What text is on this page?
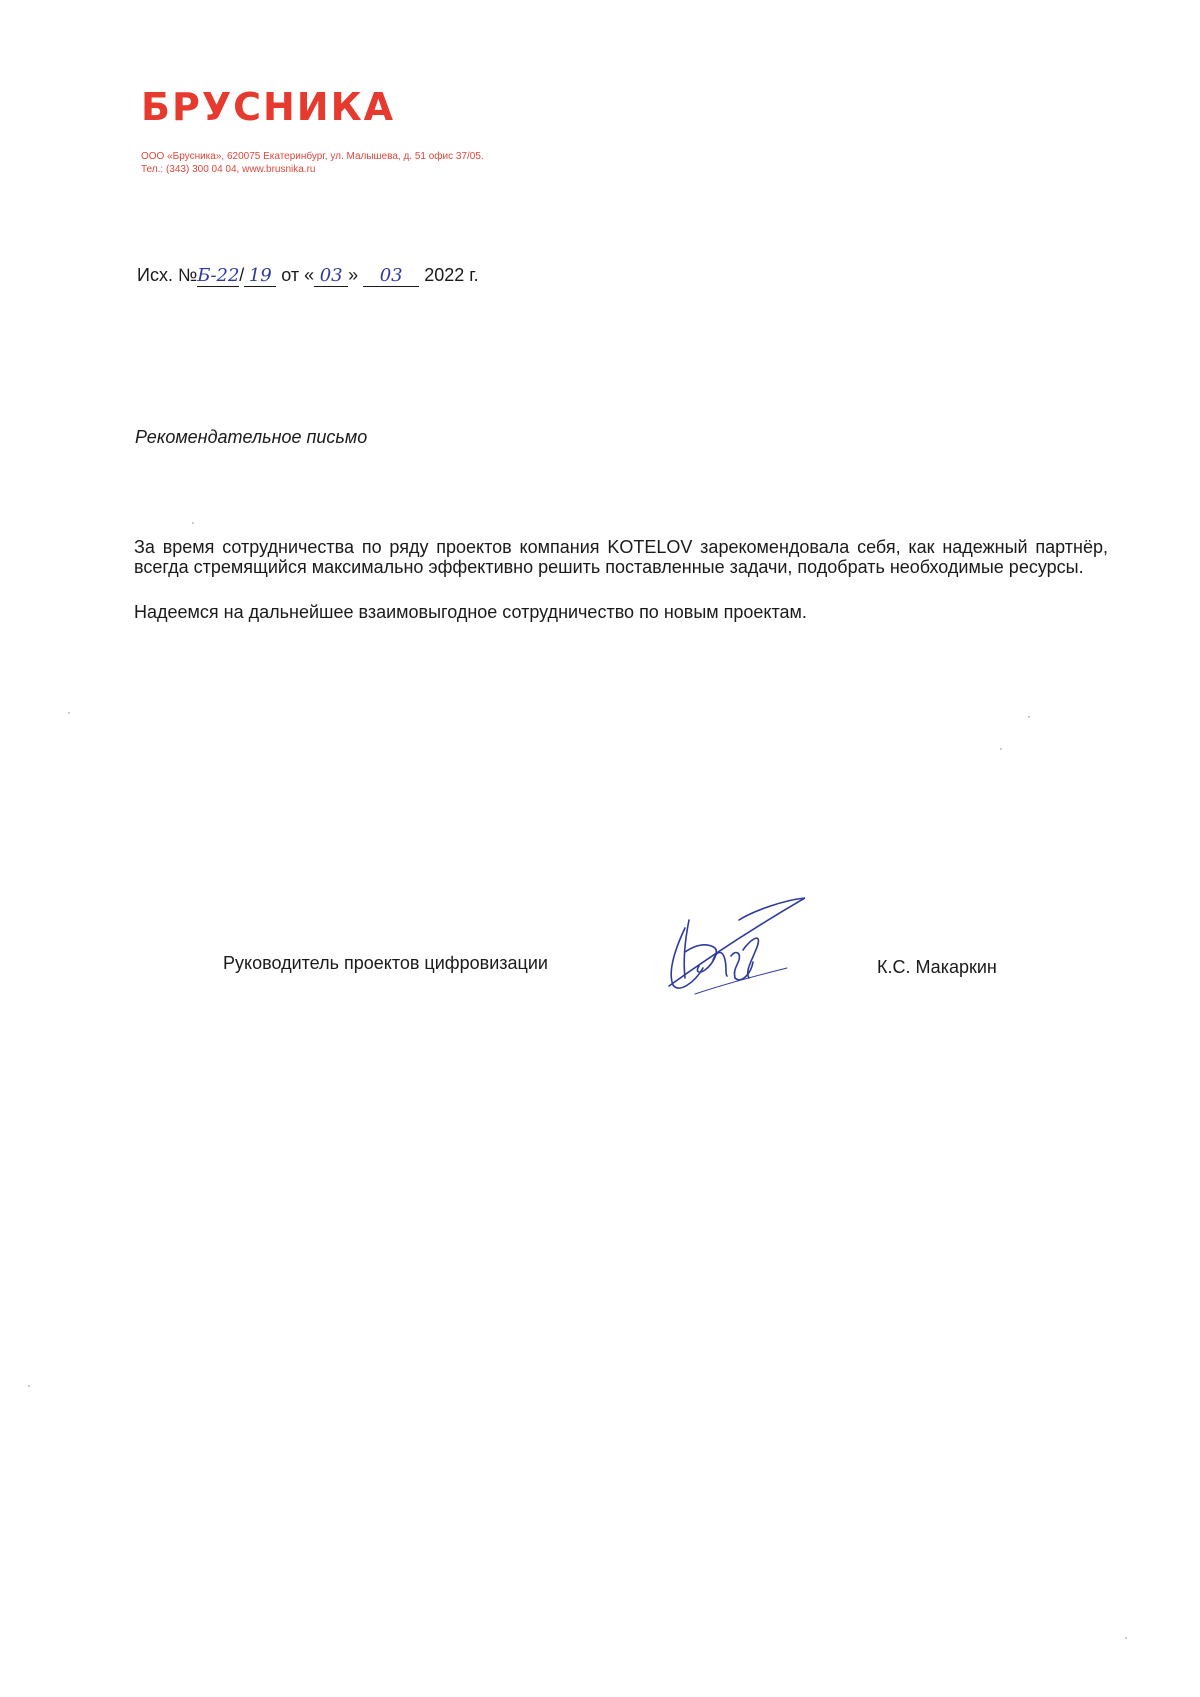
БРУСНИКА
ООО «Брусника», 620075 Екатеринбург, ул. Малышева, д. 51 офис 37/05.
Тел.: (343) 300 04 04, www.brusnika.ru
Исх. №Б-22/ 19 от « 03 » 03 2022 г.
Рекомендательное письмо

За время сотрудничества по ряду проектов компания KOTELOV зарекомендовала себя, как надежный партнёр, всегда стремящийся максимально эффективно решить поставленные задачи, подобрать необходимые ресурсы.

Надеемся на дальнейшее взаимовыгодное сотрудничество по новым проектам.

Руководитель проектов цифровизации	К.С. Макаркин
